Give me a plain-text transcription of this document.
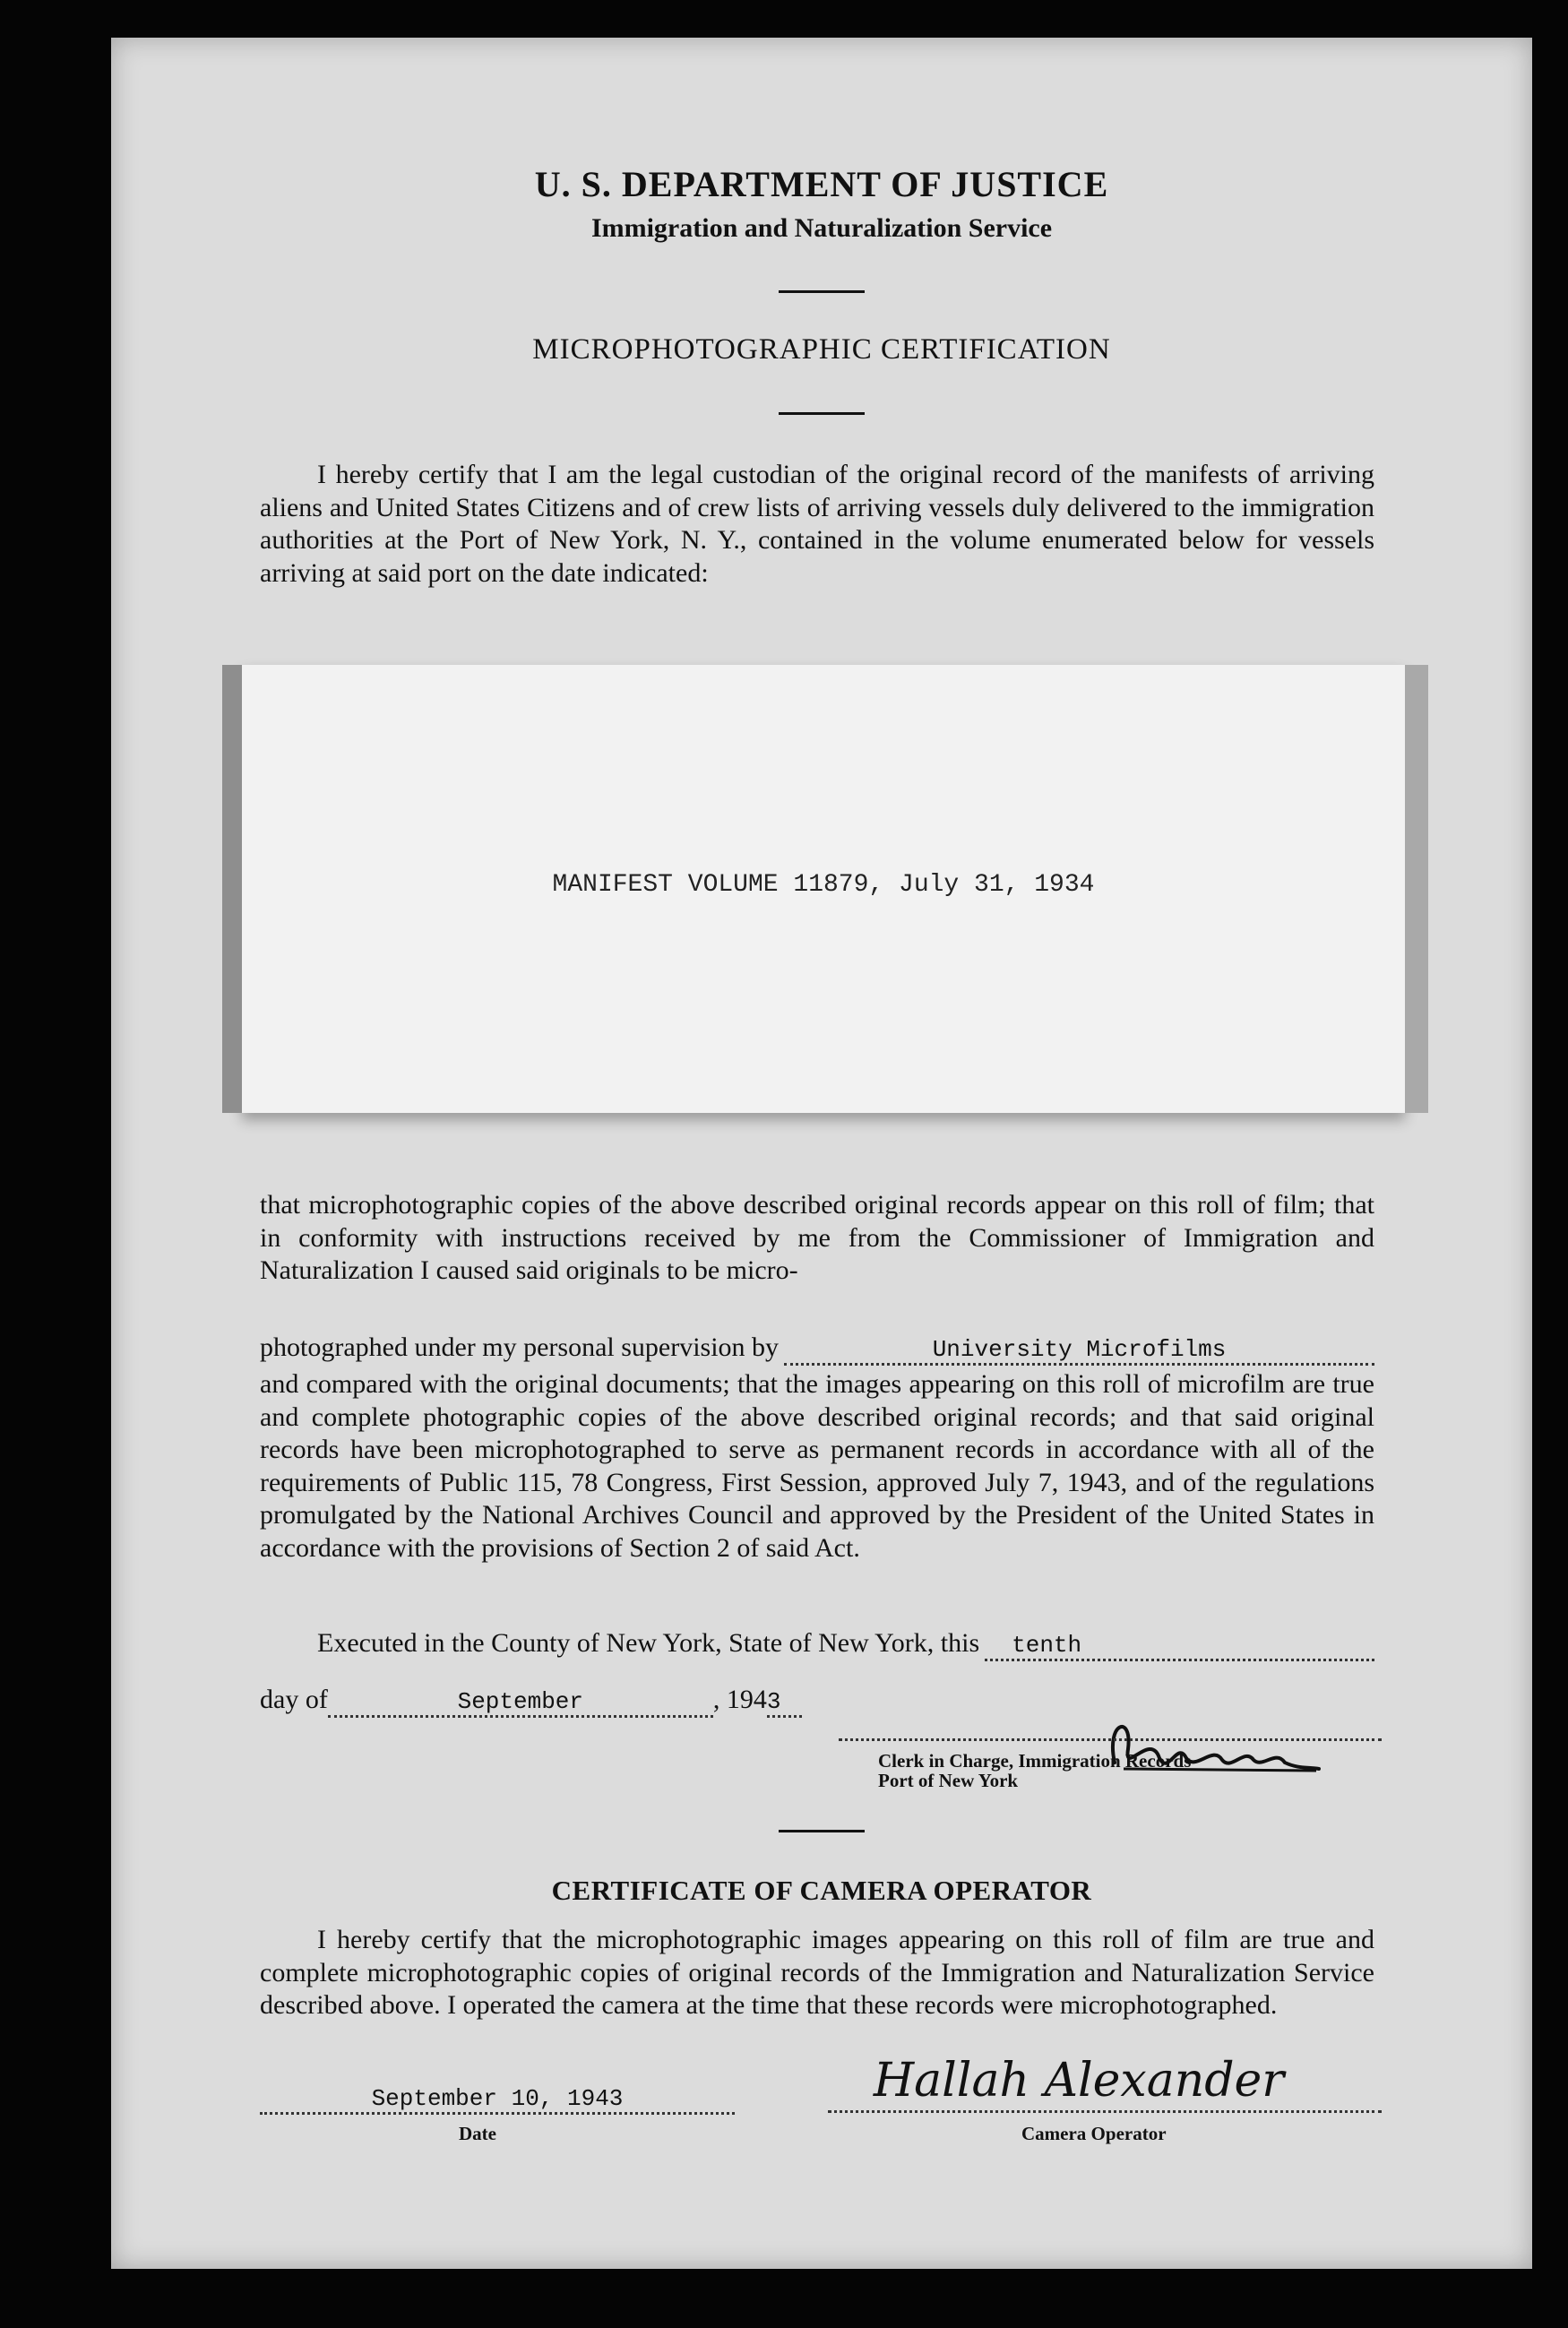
U. S. DEPARTMENT OF JUSTICE
Immigration and Naturalization Service
MICROPHOTOGRAPHIC CERTIFICATION
I hereby certify that I am the legal custodian of the original record of the manifests of arriving aliens and United States Citizens and of crew lists of arriving vessels duly delivered to the immigration authorities at the Port of New York, N. Y., contained in the volume enumerated below for vessels arriving at said port on the date indicated:
MANIFEST VOLUME 11879, July 31, 1934
that microphotographic copies of the above described original records appear on this roll of film; that in conformity with instructions received by me from the Commissioner of Immigration and Naturalization I caused said originals to be micro-
photographed under my personal supervision by	University Microfilms
and compared with the original documents; that the images appearing on this roll of microfilm are true and complete photographic copies of the above described original records; and that said original records have been microphotographed to serve as permanent records in accordance with all of the requirements of Public 115, 78 Congress, First Session, approved July 7, 1943, and of the regulations promulgated by the National Archives Council and approved by the President of the United States in accordance with the provisions of Section 2 of said Act.
Executed in the County of New York, State of New York, this	tenth
day of	September	, 194 3
Clerk in Charge, Immigration Records
Port of New York
CERTIFICATE OF CAMERA OPERATOR
I hereby certify that the microphotographic images appearing on this roll of film are true and complete microphotographic copies of original records of the Immigration and Naturalization Service described above. I operated the camera at the time that these records were microphotographed.
September 10, 1943
Date
Hallah Alexander
Camera Operator
